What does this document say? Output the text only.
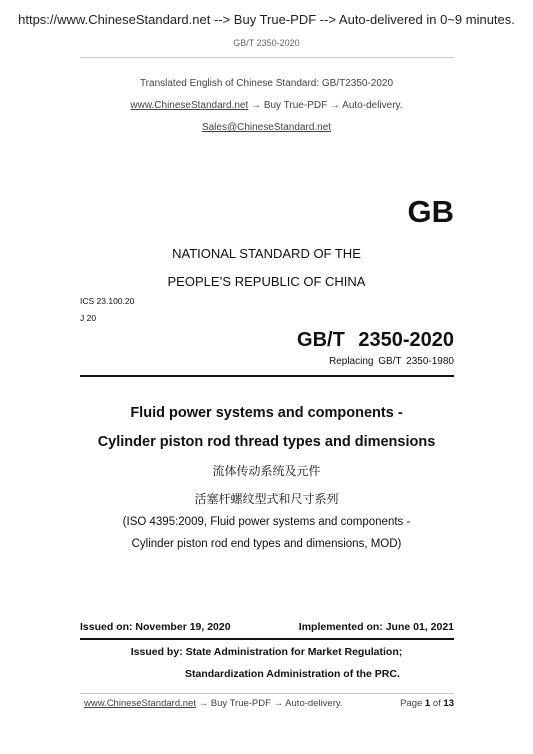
https://www.ChineseStandard.net --> Buy True-PDF --> Auto-delivered in 0~9 minutes.
GB/T 2350-2020
Translated English of Chinese Standard: GB/T2350-2020
www.ChineseStandard.net → Buy True-PDF → Auto-delivery.
Sales@ChineseStandard.net
GB
NATIONAL STANDARD OF THE
PEOPLE’S REPUBLIC OF CHINA
ICS 23.100.20
J 20
GB/T 2350-2020
Replacing GB/T 2350-1980
Fluid power systems and components -
Cylinder piston rod thread types and dimensions
流体传动系统及元件
活塞杆螺纹型式和尺寸系列
(ISO 4395:2009, Fluid power systems and components -
Cylinder piston rod end types and dimensions, MOD)
Issued on: November 19, 2020	Implemented on: June 01, 2021
Issued by: State Administration for Market Regulation;
Standardization Administration of the PRC.
www.ChineseStandard.net → Buy True-PDF → Auto-delivery.	Page 1 of 13
